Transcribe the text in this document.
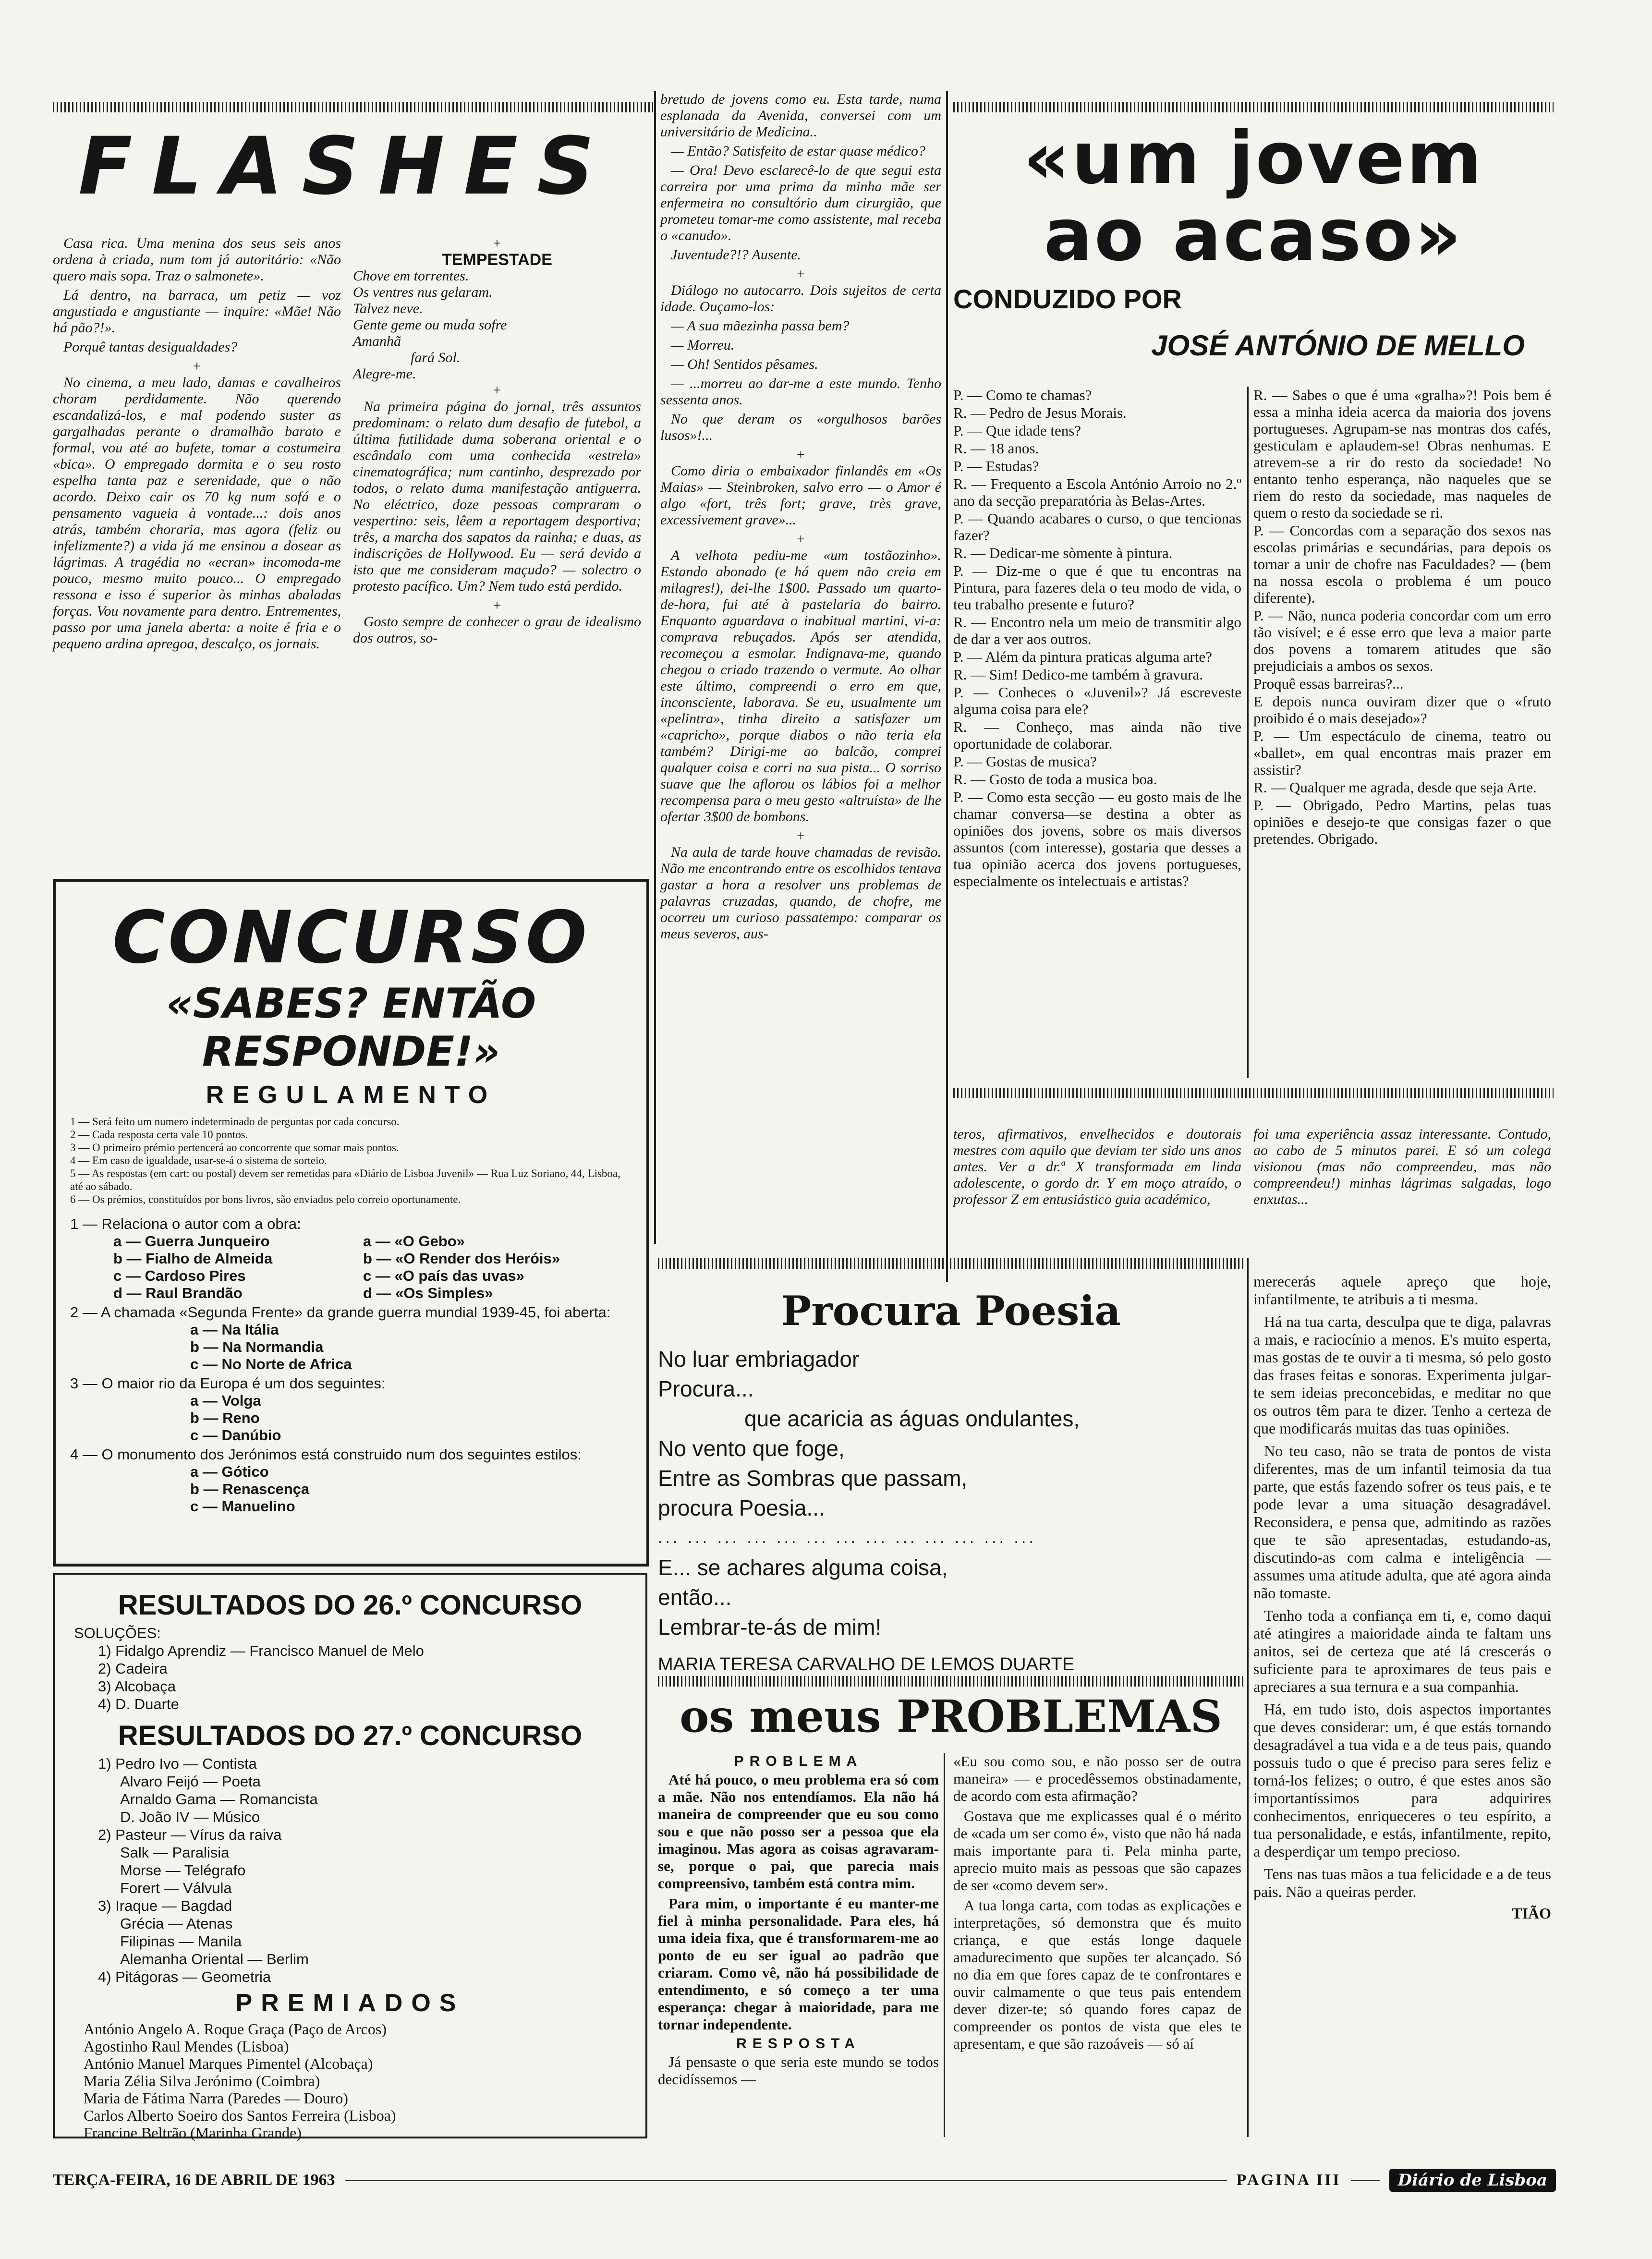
FLASHES

Casa rica. Uma menina dos seus seis anos ordena à criada, num tom já autoritário: «Não quero mais sopa. Traz o salmonete».

Lá dentro, na barraca, um petiz — voz angustiada e angustiante — inquire: «Mãe! Não há pão?!».

Porquê tantas desigualdades?

+

No cinema, a meu lado, damas e cavalheiros choram perdidamente. Não querendo escandalizá-los, e mal podendo suster as gargalhadas perante o dramalhão barato e formal, vou até ao bufete, tomar a costumeira «bica». O empregado dormita e o seu rosto espelha tanta paz e serenidade, que o não acordo. Deixo cair os 70 kg num sofá e o pensamento vagueia à vontade...: dois anos atrás, também choraria, mas agora (feliz ou infelizmente?) a vida já me ensinou a dosear as lágrimas. A tragédia no «ecran» incomoda-me pouco, mesmo muito pouco... O empregado ressona e isso é superior às minhas abaladas forças. Vou novamente para dentro. Entrementes, passo por uma janela aberta: a noite é fria e o pequeno ardina apregoa, descalço, os jornais.

+
TEMPESTADE
Chove em torrentes.
Os ventres nus gelaram.
Talvez neve.
Gente geme ou muda sofre
Amanhã
fará Sol.
Alegre-me.
+

Na primeira página do jornal, três assuntos predominam: o relato dum desafio de futebol, a última futilidade duma soberana oriental e o escândalo com uma conhecida «estrela» cinematográfica; num cantinho, desprezado por todos, o relato duma manifestação antiguerra. No eléctrico, doze pessoas compraram o vespertino: seis, lêem a reportagem desportiva; três, a marcha dos sapatos da rainha; e duas, as indiscrições de Hollywood. Eu — será devido a isto que me consideram maçudo? — solectro o protesto pacífico. Um? Nem tudo está perdido.

+

Gosto sempre de conhecer o grau de idealismo dos outros, so-

bretudo de jovens como eu. Esta tarde, numa esplanada da Avenida, conversei com um universitário de Medicina..

— Então? Satisfeito de estar quase médico?

— Ora! Devo esclarecê-lo de que segui esta carreira por uma prima da minha mãe ser enfermeira no consultório dum cirurgião, que prometeu tomar-me como assistente, mal receba o «canudo».

Juventude?!? Ausente.

+

Diálogo no autocarro. Dois sujeitos de certa idade. Ouçamo-los:

— A sua mãezinha passa bem?

— Morreu.

— Oh! Sentidos pêsames.

— ...morreu ao dar-me a este mundo. Tenho sessenta anos.

No que deram os «orgulhosos barões lusos»!...

+

Como diria o embaixador finlandês em «Os Maias» — Steinbroken, salvo erro — o Amor é algo «fort, três fort; grave, très grave, excessivement grave»...

+

A velhota pediu-me «um tostãozinho». Estando abonado (e há quem não creia em milagres!), dei-lhe 1$00. Passado um quarto-de-hora, fui até à pastelaria do bairro. Enquanto aguardava o inabitual martini, vi-a: comprava rebuçados. Após ser atendida, recomeçou a esmolar. Indignava-me, quando chegou o criado trazendo o vermute. Ao olhar este último, compreendi o erro em que, inconsciente, laborava. Se eu, usualmente um «pelintra», tinha direito a satisfazer um «capricho», porque diabos o não teria ela também? Dirigi-me ao balcão, comprei qualquer coisa e corri na sua pista... O sorriso suave que lhe aflorou os lábios foi a melhor recompensa para o meu gesto «altruísta» de lhe ofertar 3$00 de bombons.

+

Na aula de tarde houve chamadas de revisão. Não me encontrando entre os escolhidos tentava gastar a hora a resolver uns problemas de palavras cruzadas, quando, de chofre, me ocorreu um curioso passatempo: comparar os meus severos, aus-

teros, afirmativos, envelhecidos e doutorais mestres com aquilo que deviam ter sido uns anos antes. Ver a dr.ª X transformada em linda adolescente, o gordo dr. Y em moço atraído, o professor Z em entusiástico guia académico,

foi uma experiência assaz interessante. Contudo, ao cabo de 5 minutos parei. E só um colega visionou (mas não compreendeu, mas não compreendeu!) minhas lágrimas salgadas, logo enxutas...

CONCURSO
«SABES? ENTÃO RESPONDE!»
REGULAMENTO
1 — Será feito um numero indeterminado de perguntas por cada concurso.
2 — Cada resposta certa vale 10 pontos.
3 — O primeiro prémio pertencerá ao concorrente que somar mais pontos.
4 — Em caso de igualdade, usar-se-á o sistema de sorteio.
5 — As respostas (em cart: ou postal) devem ser remetidas para «Diário de Lisboa Juvenil» — Rua Luz Soriano, 44, Lisboa, até ao sábado.
6 — Os prémios, constituídos por bons livros, são enviados pelo correio oportunamente.
1 — Relaciona o autor com a obra:
a — Guerra Junqueiro
b — Fialho de Almeida
c — Cardoso Pires
d — Raul Brandão
a — «O Gebo»
b — «O Render dos Heróis»
c — «O país das uvas»
d — «Os Simples»
2 — A chamada «Segunda Frente» da grande guerra mundial 1939-45, foi aberta:
a — Na Itália
b — Na Normandia
c — No Norte de Africa
3 — O maior rio da Europa é um dos seguintes:
a — Volga
b — Reno
c — Danúbio
4 — O monumento dos Jerónimos está construido num dos seguintes estilos:
a — Gótico
b — Renascença
c — Manuelino
RESULTADOS DO 26.º CONCURSO
SOLUÇÕES:
1) Fidalgo Aprendiz — Francisco Manuel de Melo
2) Cadeira
3) Alcobaça
4) D. Duarte
RESULTADOS DO 27.º CONCURSO
1) Pedro Ivo — Contista
Alvaro Feijó — Poeta
Arnaldo Gama — Romancista
D. João IV — Músico
2) Pasteur — Vírus da raiva
Salk — Paralisia
Morse — Telégrafo
Forert — Válvula
3) Iraque — Bagdad
Grécia — Atenas
Filipinas — Manila
Alemanha Oriental — Berlim
4) Pitágoras — Geometria
PREMIADOS
António Angelo A. Roque Graça (Paço de Arcos)
Agostinho Raul Mendes (Lisboa)
António Manuel Marques Pimentel (Alcobaça)
Maria Zélia Silva Jerónimo (Coimbra)
Maria de Fátima Narra (Paredes — Douro)
Carlos Alberto Soeiro dos Santos Ferreira (Lisboa)
Francine Beltrão (Marinha Grande)
«um jovem
ao acaso»
CONDUZIDO POR
JOSÉ ANTÓNIO DE MELLO
P. — Como te chamas?
R. — Pedro de Jesus Morais.
P. — Que idade tens?
R. — 18 anos.
P. — Estudas?
R. — Frequento a Escola António Arroio no 2.º ano da secção preparatória às Belas-Artes.
P. — Quando acabares o curso, o que tencionas fazer?
R. — Dedicar-me sòmente à pintura.
P. — Diz-me o que é que tu encontras na Pintura, para fazeres dela o teu modo de vida, o teu trabalho presente e futuro?
R. — Encontro nela um meio de transmitir algo de dar a ver aos outros.
P. — Além da pintura praticas alguma arte?
R. — Sim! Dedico-me também à gravura.
P. — Conheces o «Juvenil»? Já escreveste alguma coisa para ele?
R. — Conheço, mas ainda não tive oportunidade de colaborar.
P. — Gostas de musica?
R. — Gosto de toda a musica boa.
P. — Como esta secção — eu gosto mais de lhe chamar conversa—se destina a obter as opiniões dos jovens, sobre os mais diversos assuntos (com interesse), gostaria que desses a tua opinião acerca dos jovens portugueses, especialmente os intelectuais e artistas?
R. — Sabes o que é uma «gralha»?! Pois bem é essa a minha ideia acerca da maioria dos jovens portugueses. Agrupam-se nas montras dos cafés, gesticulam e aplaudem-se! Obras nenhumas. E atrevem-se a rir do resto da sociedade! No entanto tenho esperança, não naqueles que se riem do resto da sociedade, mas naqueles de quem o resto da sociedade se ri.
P. — Concordas com a separação dos sexos nas escolas primárias e secundárias, para depois os tornar a unir de chofre nas Faculdades? — (bem na nossa escola o problema é um pouco diferente).
P. — Não, nunca poderia concordar com um erro tão visível; e é esse erro que leva a maior parte dos povens a tomarem atitudes que são prejudiciais a ambos os sexos.
Proquê essas barreiras?...
E depois nunca ouviram dizer que o «fruto proibido é o mais desejado»?
P. — Um espectáculo de cinema, teatro ou «ballet», em qual encontras mais prazer em assistir?
R. — Qualquer me agrada, desde que seja Arte.
P. — Obrigado, Pedro Martins, pelas tuas opiniões e desejo-te que consigas fazer o que pretendes. Obrigado.
Procura Poesia
No luar embriagador
Procura...
que acaricia as águas ondulantes,
No vento que foge,
Entre as Sombras que passam,
procura Poesia...
... ... ... ... ... ... ... ... ... ... ... ... ...
E... se achares alguma coisa,
então...
Lembrar-te-ás de mim!
MARIA TERESA CARVALHO DE LEMOS DUARTE
merecerás aquele apreço que hoje, infantilmente, te atribuis a ti mesma.
Há na tua carta, desculpa que te diga, palavras a mais, e raciocínio a menos. E's muito esperta, mas gostas de te ouvir a ti mesma, só pelo gosto das frases feitas e sonoras. Experimenta julgar-te sem ideias preconcebidas, e meditar no que os outros têm para te dizer. Tenho a certeza de que modificarás muitas das tuas opiniões.
No teu caso, não se trata de pontos de vista diferentes, mas de um infantil teimosia da tua parte, que estás fazendo sofrer os teus pais, e te pode levar a uma situação desagradável. Reconsidera, e pensa que, admitindo as razões que te são apresentadas, estudando-as, discutindo-as com calma e inteligência — assumes uma atitude adulta, que até agora ainda não tomaste.
Tenho toda a confiança em ti, e, como daqui até atingires a maioridade ainda te faltam uns anitos, sei de certeza que até lá crescerás o suficiente para te aproximares de teus pais e apreciares a sua ternura e a sua companhia.
Há, em tudo isto, dois aspectos importantes que deves considerar: um, é que estás tornando desagradável a tua vida e a de teus pais, quando possuis tudo o que é preciso para seres feliz e torná-los felizes; o outro, é que estes anos são importantíssimos para adquirires conhecimentos, enriqueceres o teu espírito, a tua personalidade, e estás, infantilmente, repito, a desperdiçar um tempo precioso.
Tens nas tuas mãos a tua felicidade e a de teus pais. Não a queiras perder.
TIÃO
os meus PROBLEMAS
PROBLEMA
Até há pouco, o meu problema era só com a mãe. Não nos entendíamos. Ela não há maneira de compreender que eu sou como sou e que não posso ser a pessoa que ela imaginou. Mas agora as coisas agravaram-se, porque o pai, que parecia mais compreensivo, também está contra mim.
Para mim, o importante é eu manter-me fiel à minha personalidade. Para eles, há uma ideia fixa, que é transformarem-me ao ponto de eu ser igual ao padrão que criaram. Como vê, não há possibilidade de entendimento, e só começo a ter uma esperança: chegar à maioridade, para me tornar independente.
RESPOSTA
Já pensaste o que seria este mundo se todos decidíssemos —
«Eu sou como sou, e não posso ser de outra maneira» — e procedêssemos obstinadamente, de acordo com esta afirmação?
Gostava que me explicasses qual é o mérito de «cada um ser como é», visto que não há nada mais importante para ti. Pela minha parte, aprecio muito mais as pessoas que são capazes de ser «como devem ser».
A tua longa carta, com todas as explicações e interpretações, só demonstra que és muito criança, e que estás longe daquele amadurecimento que supões ter alcançado. Só no dia em que fores capaz de te confrontares e ouvir calmamente o que teus pais entendem dever dizer-te; só quando fores capaz de compreender os pontos de vista que eles te apresentam, e que são razoáveis — só aí
TERÇA-FEIRA, 16 DE ABRIL DE 1963	PAGINA III	Diário de Lisboa
